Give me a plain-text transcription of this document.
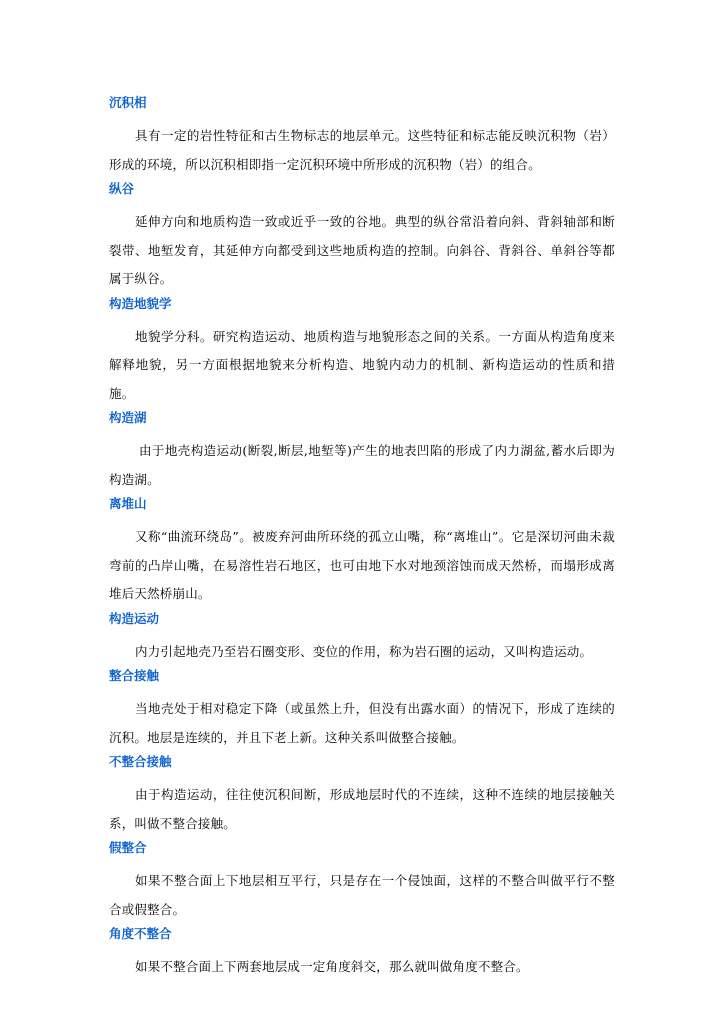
沉积相

具有一定的岩性特征和古生物标志的地层单元。这些特征和标志能反映沉积物（岩）形成的环境，所以沉积相即指一定沉积环境中所形成的沉积物（岩）的组合。

纵谷

延伸方向和地质构造一致或近乎一致的谷地。典型的纵谷常沿着向斜、背斜轴部和断裂带、地堑发育，其延伸方向都受到这些地质构造的控制。向斜谷、背斜谷、单斜谷等都属于纵谷。

构造地貌学

地貌学分科。研究构造运动、地质构造与地貌形态之间的关系。一方面从构造角度来解释地貌，另一方面根据地貌来分析构造、地貌内动力的机制、新构造运动的性质和措施。

构造湖

由于地壳构造运动(断裂,断层,地堑等)产生的地表凹陷的形成了内力湖盆,蓄水后即为构造湖。

离堆山

又称“曲流环绕岛”。被废弃河曲所环绕的孤立山嘴，称“离堆山”。它是深切河曲未裁弯前的凸岸山嘴，在易溶性岩石地区，也可由地下水对地颈溶蚀而成天然桥，而塌形成离堆后天然桥崩山。

构造运动

内力引起地壳乃至岩石圈变形、变位的作用，称为岩石圈的运动，又叫构造运动。

整合接触

当地壳处于相对稳定下降（或虽然上升，但没有出露水面）的情况下，形成了连续的沉积。地层是连续的，并且下老上新。这种关系叫做整合接触。

不整合接触

由于构造运动，往往使沉积间断，形成地层时代的不连续，这种不连续的地层接触关系，叫做不整合接触。

假整合

如果不整合面上下地层相互平行，只是存在一个侵蚀面，这样的不整合叫做平行不整合或假整合。

角度不整合

如果不整合面上下两套地层成一定角度斜交，那么就叫做角度不整合。
